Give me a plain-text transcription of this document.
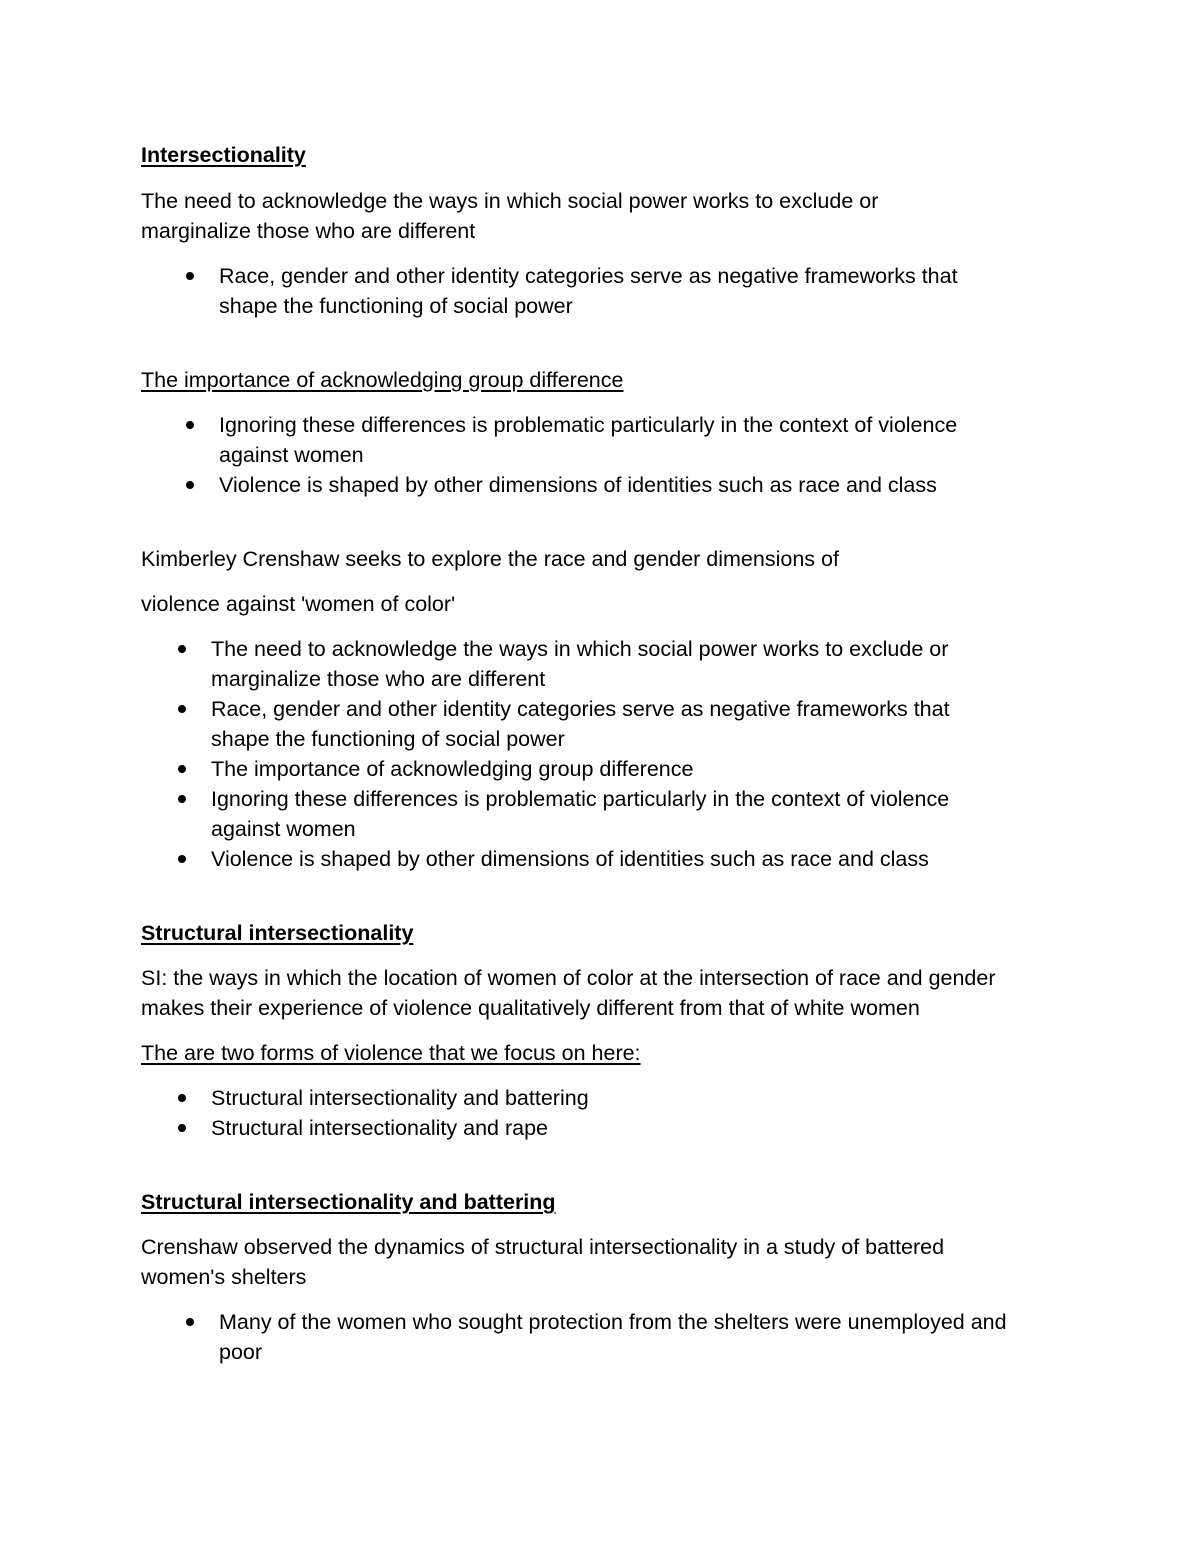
Intersectionality

The need to acknowledge the ways in which social power works to exclude or marginalize those who are different

Race, gender and other identity categories serve as negative frameworks that shape the functioning of social power

The importance of acknowledging group difference

Ignoring these differences is problematic particularly in the context of violence against women
Violence is shaped by other dimensions of identities such as race and class

Kimberley Crenshaw seeks to explore the race and gender dimensions of

violence against 'women of color'

The need to acknowledge the ways in which social power works to exclude or marginalize those who are different
Race, gender and other identity categories serve as negative frameworks that shape the functioning of social power
The importance of acknowledging group difference
Ignoring these differences is problematic particularly in the context of violence against women
Violence is shaped by other dimensions of identities such as race and class
Structural intersectionality

SI: the ways in which the location of women of color at the intersection of race and gender makes their experience of violence qualitatively different from that of white women

The are two forms of violence that we focus on here:

Structural intersectionality and battering
Structural intersectionality and rape
Structural intersectionality and battering

Crenshaw observed the dynamics of structural intersectionality in a study of battered women's shelters

Many of the women who sought protection from the shelters were unemployed and poor
